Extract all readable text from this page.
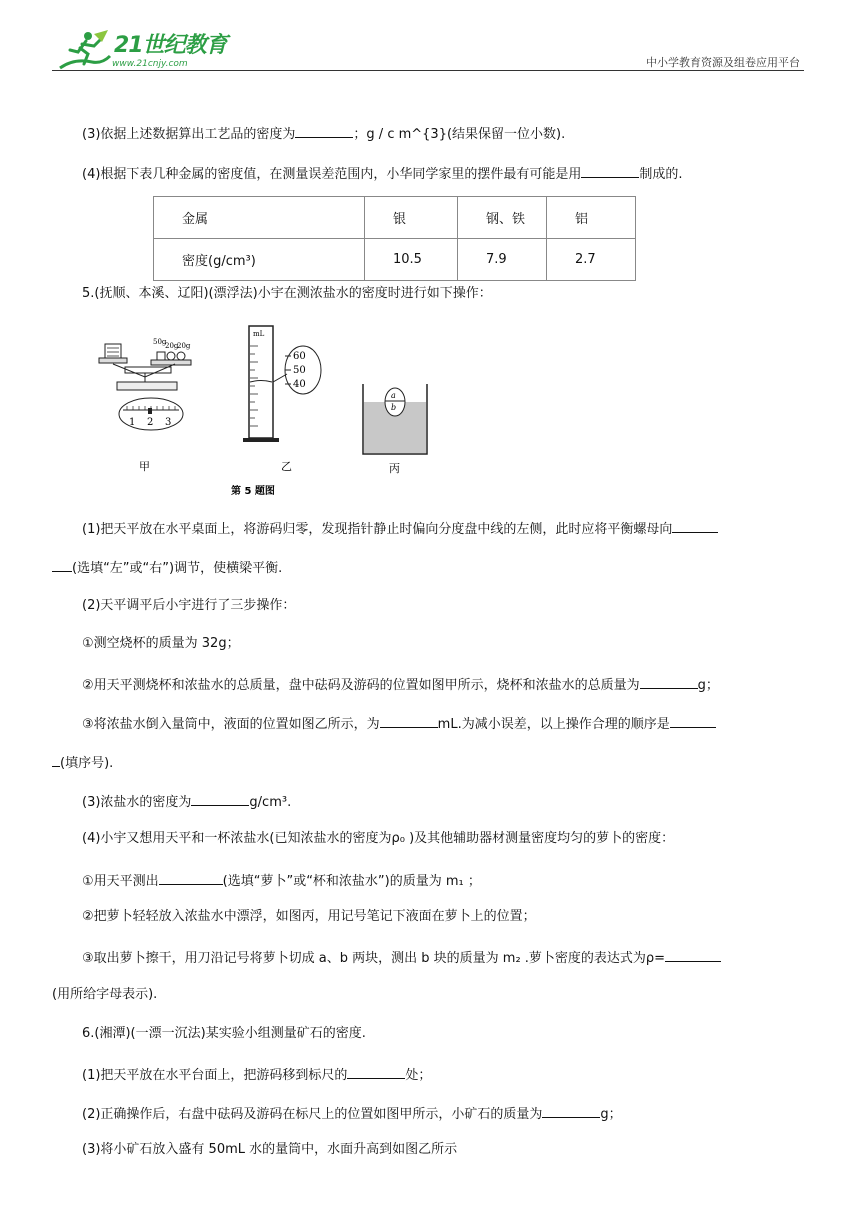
21世纪教育
www.21cnjy.com	中小学教育资源及组卷应用平台
(3)依据上述数据算出工艺品的密度为	；g / c m^{3}(结果保留一位小数).
(4)根据下表几种金属的密度值，在测量误差范围内，小华同学家里的摆件最有可能是用	制成的.
金属	银	钢、铁	铝
密度(g/cm³)	10.5	7.9	2.7
5.(抚顺、本溪、辽阳)(漂浮法)小宇在测浓盐水的密度时进行如下操作：
50g
20g
20g
1 2 3
甲
mL
60
50
40
乙
a
b
丙
第 5 题图
(1)把天平放在水平桌面上，将游码归零，发现指针静止时偏向分度盘中线的左侧，此时应将平衡螺母向
(选填“左”或“右”)调节，使横梁平衡.
(2)天平调平后小宇进行了三步操作：
①测空烧杯的质量为 32g；
②用天平测烧杯和浓盐水的总质量，盘中砝码及游码的位置如图甲所示，烧杯和浓盐水的总质量为	g；
③将浓盐水倒入量筒中，液面的位置如图乙所示，为	mL.为减小误差，以上操作合理的顺序是
(填序号).
(3)浓盐水的密度为	g/cm³.
(4)小宇又想用天平和一杯浓盐水(已知浓盐水的密度为ρ₀ )及其他辅助器材测量密度均匀的萝卜的密度：
①用天平测出	(选填“萝卜”或“杯和浓盐水”)的质量为 m₁ ；
②把萝卜轻轻放入浓盐水中漂浮，如图丙，用记号笔记下液面在萝卜上的位置；
③取出萝卜擦干，用刀沿记号将萝卜切成 a、b 两块，测出 b 块的质量为 m₂ .萝卜密度的表达式为ρ=
(用所给字母表示).
6.(湘潭)(一漂一沉法)某实验小组测量矿石的密度.
(1)把天平放在水平台面上，把游码移到标尺的	处；
(2)正确操作后，右盘中砝码及游码在标尺上的位置如图甲所示，小矿石的质量为	g；
(3)将小矿石放入盛有 50mL 水的量筒中，水面升高到如图乙所示
